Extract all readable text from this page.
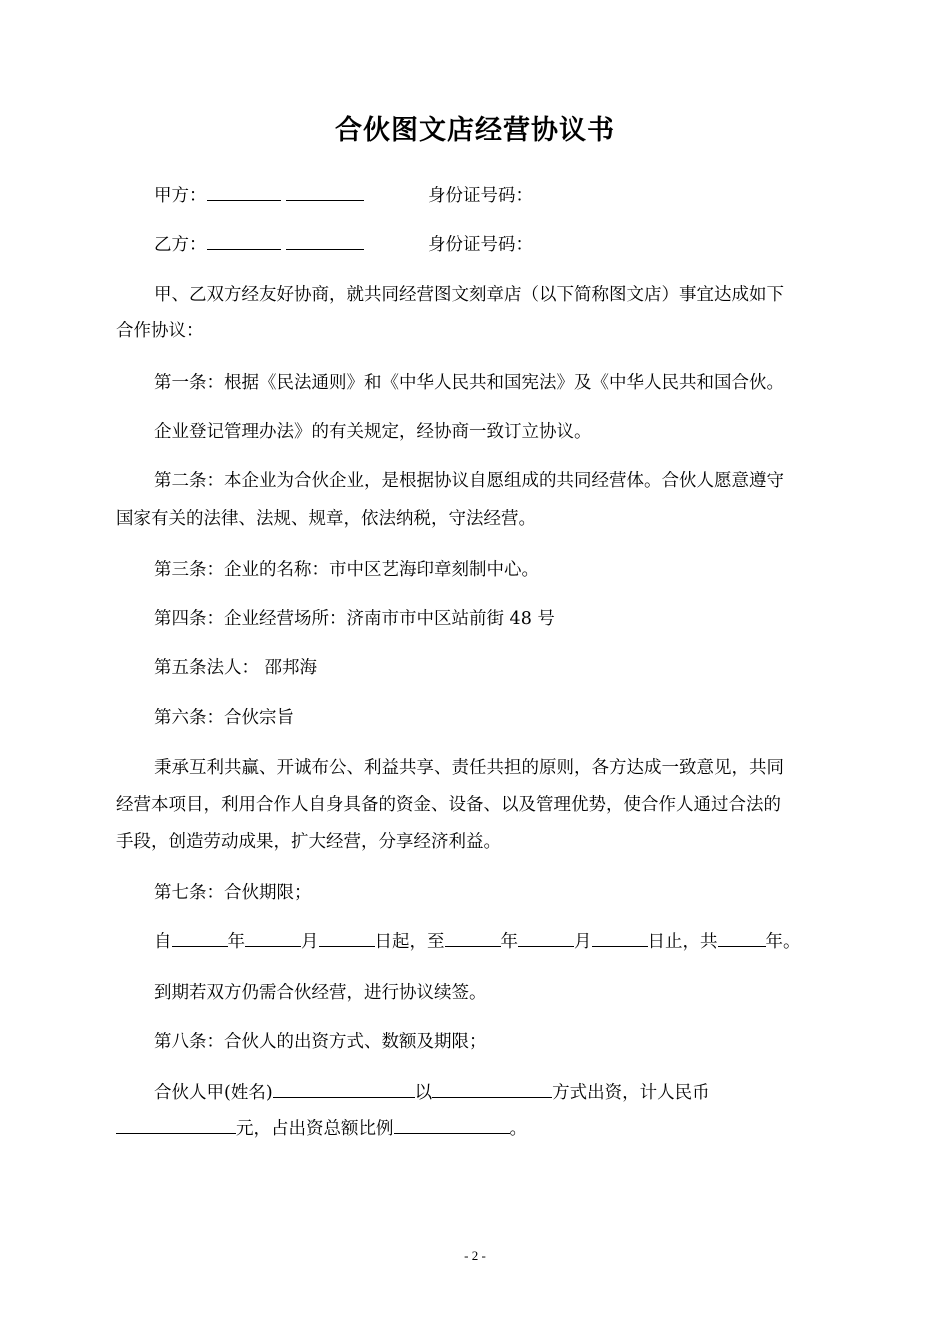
合伙图文店经营协议书
甲方：	身份证号码：
乙方：	身份证号码：
甲、乙双方经友好协商，就共同经营图文刻章店（以下简称图文店）事宜达成如下
合作协议：
第一条：根据《民法通则》和《中华人民共和国宪法》及《中华人民共和国合伙。
企业登记管理办法》的有关规定，经协商一致订立协议。
第二条：本企业为合伙企业，是根据协议自愿组成的共同经营体。合伙人愿意遵守
国家有关的法律、法规、规章，依法纳税，守法经营。
第三条：企业的名称：市中区艺海印章刻制中心。
第四条：企业经营场所：济南市市中区站前街 48 号
第五条法人： 邵邦海
第六条：合伙宗旨
秉承互利共赢、开诚布公、利益共享、责任共担的原则，各方达成一致意见，共同
经营本项目，利用合作人自身具备的资金、设备、以及管理优势，使合作人通过合法的
手段，创造劳动成果，扩大经营，分享经济利益。
第七条：合伙期限；
自	年	月	日起，至	年	月	日止，共	年。
到期若双方仍需合伙经营，进行协议续签。
第八条：合伙人的出资方式、数额及期限；
合伙人甲(姓名)	以	方式出资，计人民币
元，占出资总额比例	。
- 2 -
